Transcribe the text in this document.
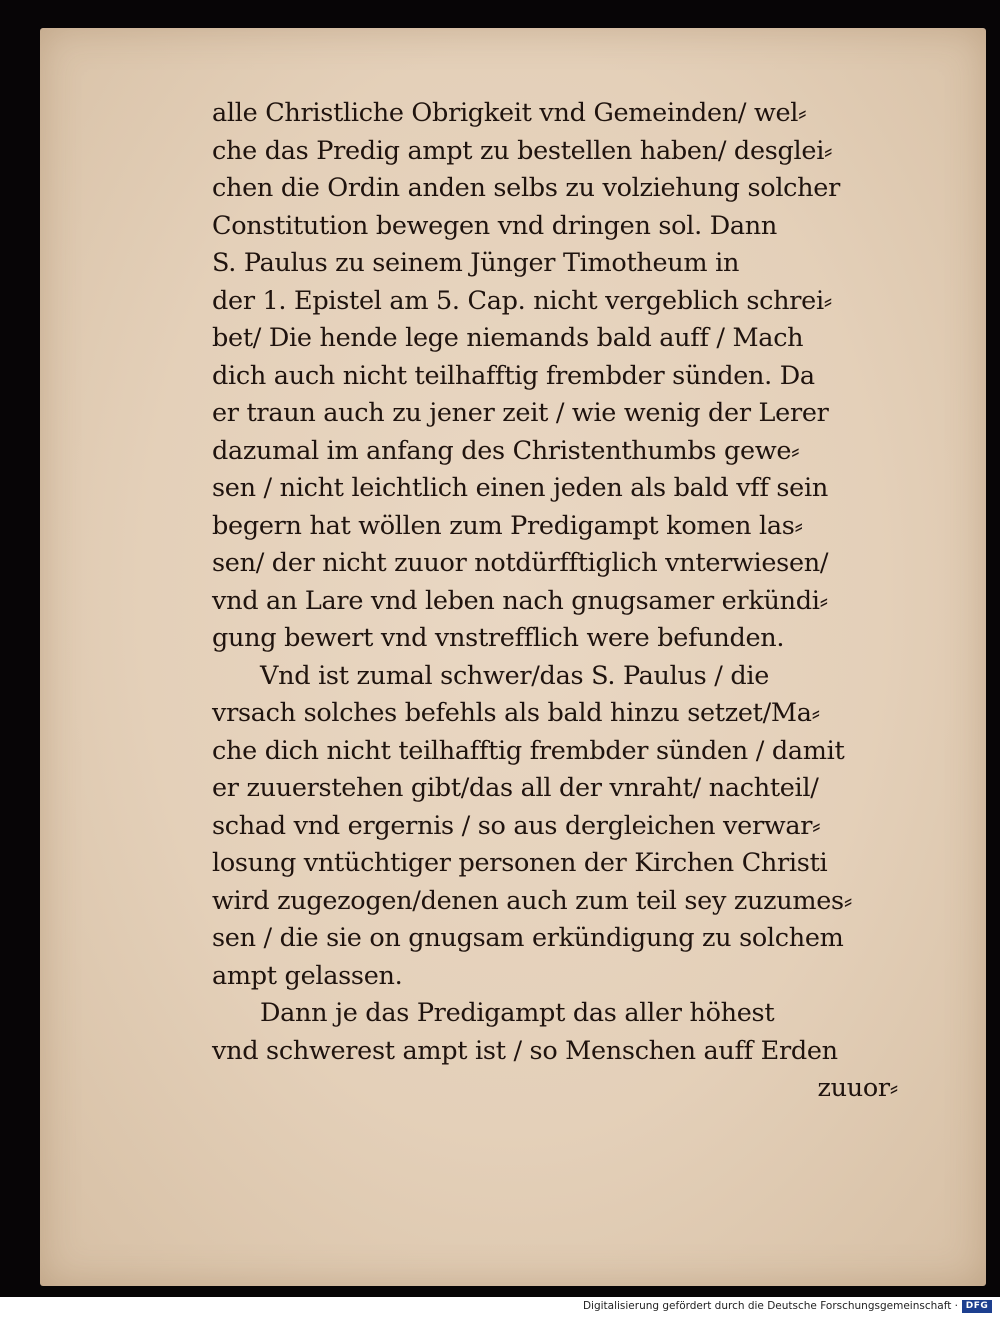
alle Christliche Obrigkeit vnd Gemeinden/ wel⸗
che das Predig ampt zu bestellen haben/ desglei⸗
chen die Ordin anden selbs zu volziehung solcher
Constitution bewegen vnd dringen sol. Dann
S. Paulus zu seinem Jünger Timotheum in
der 1. Epistel am 5. Cap. nicht vergeblich schrei⸗
bet/ Die hende lege niemands bald auff / Mach
dich auch nicht teilhafftig frembder sünden. Da
er traun auch zu jener zeit / wie wenig der Lerer
dazumal im anfang des Christenthumbs gewe⸗
sen / nicht leichtlich einen jeden als bald vff sein
begern hat wöllen zum Predigampt komen las⸗
sen/ der nicht zuuor notdürfftiglich vnterwiesen/
vnd an Lare vnd leben nach gnugsamer erkündi⸗
gung bewert vnd vnstrefflich were befunden.
Vnd ist zumal schwer/das S. Paulus / die
vrsach solches befehls als bald hinzu setzet/Ma⸗
che dich nicht teilhafftig frembder sünden / damit
er zuuerstehen gibt/das all der vnraht/ nachteil/
schad vnd ergernis / so aus dergleichen verwar⸗
losung vntüchtiger personen der Kirchen Christi
wird zugezogen/denen auch zum teil sey zuzumes⸗
sen / die sie on gnugsam erkündigung zu solchem
ampt gelassen.
Dann je das Predigampt das aller höhest
vnd schwerest ampt ist / so Menschen auff Erden
zuuor⸗
Digitalisierung gefördert durch die Deutsche Forschungsgemeinschaft · DFG
